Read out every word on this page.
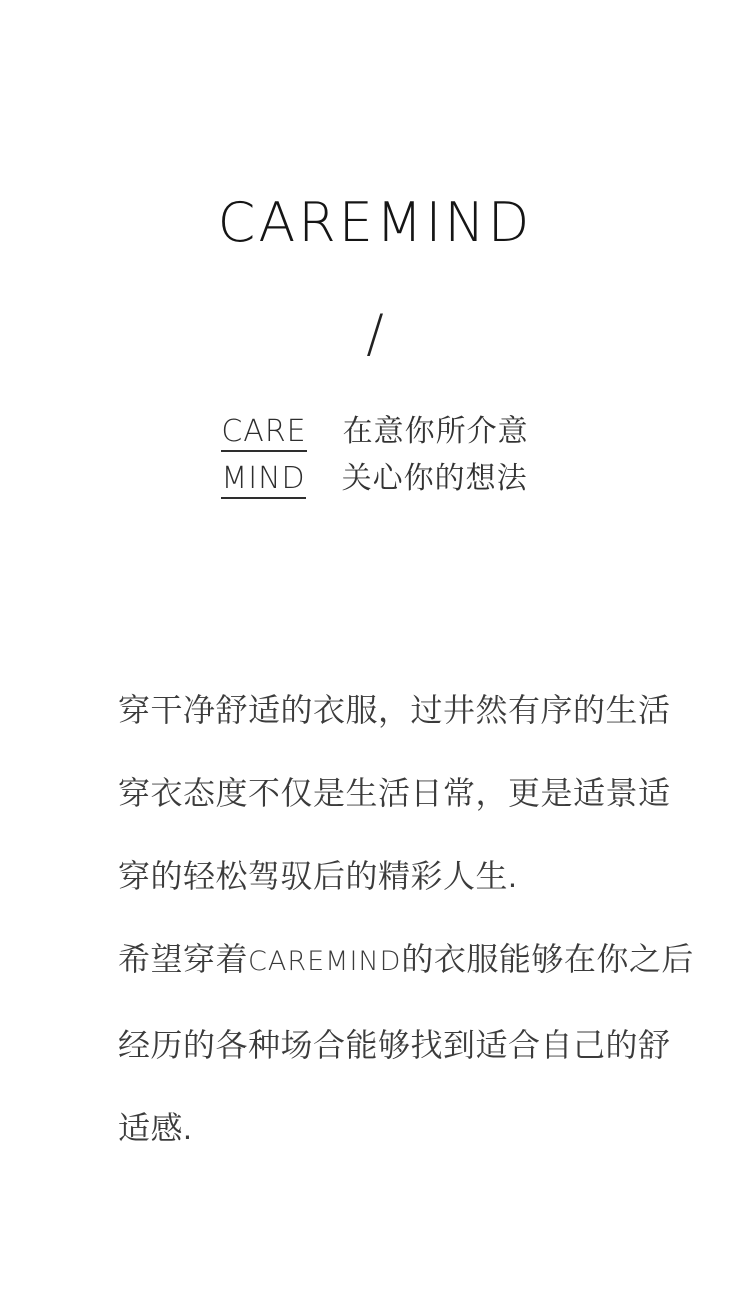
CAREMIND
/
CARE 在意你所介意
MIND 关心你的想法

穿干净舒适的衣服，过井然有序的生活

穿衣态度不仅是生活日常，更是适景适

穿的轻松驾驭后的精彩人生.

希望穿着CAREMIND的衣服能够在你之后

经历的各种场合能够找到适合自己的舒

适感.
